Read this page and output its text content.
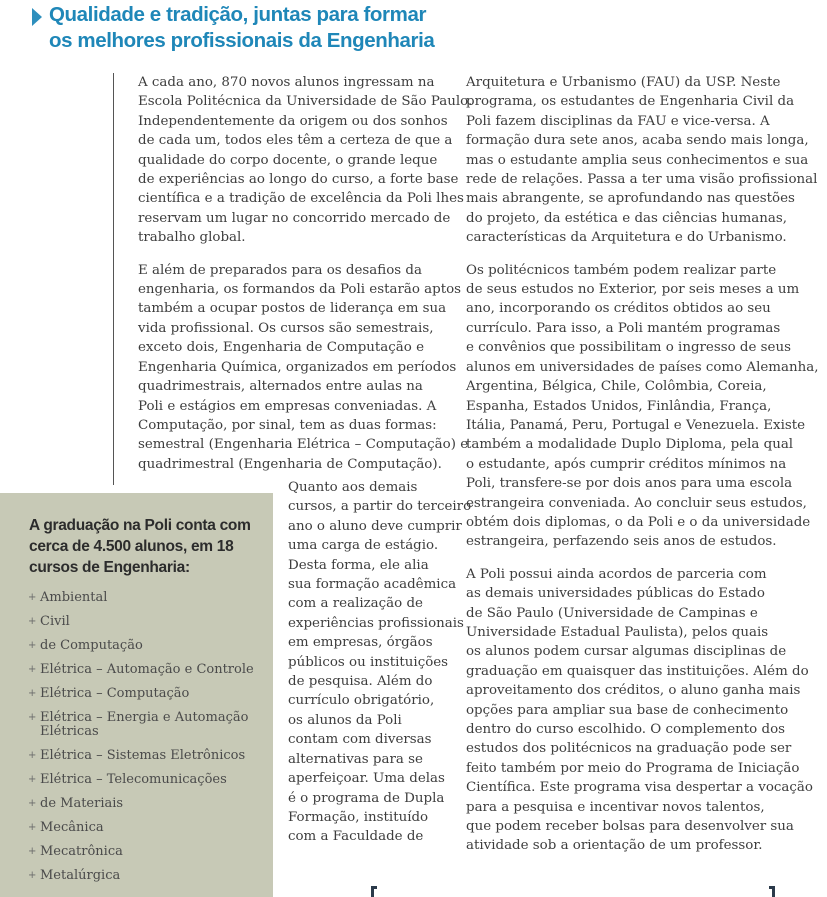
Qualidade e tradição, juntas para formar
os melhores profissionais da Engenharia

A cada ano, 870 novos alunos ingressam na
Escola Politécnica da Universidade de São Paulo.
Independentemente da origem ou dos sonhos
de cada um, todos eles têm a certeza de que a
qualidade do corpo docente, o grande leque
de experiências ao longo do curso, a forte base
científica e a tradição de excelência da Poli lhes
reservam um lugar no concorrido mercado de
trabalho global.

E além de preparados para os desafios da
engenharia, os formandos da Poli estarão aptos
também a ocupar postos de liderança em sua
vida profissional. Os cursos são semestrais,
exceto dois, Engenharia de Computação e
Engenharia Química, organizados em períodos
quadrimestrais, alternados entre aulas na
Poli e estágios em empresas conveniadas. A
Computação, por sinal, tem as duas formas:
semestral (Engenharia Elétrica – Computação) e
quadrimestral (Engenharia de Computação).

A graduação na Poli conta com
cerca de 4.500 alunos, em 18
cursos de Engenharia:
+ Ambiental
+ Civil
+ de Computação
+ Elétrica – Automação e Controle
+ Elétrica – Computação
+ Elétrica – Energia e Automação
Elétricas
+ Elétrica – Sistemas Eletrônicos
+ Elétrica – Telecomunicações
+ de Materiais
+ Mecânica
+ Mecatrônica
+ Metalúrgica

Quanto aos demais
cursos, a partir do terceiro
ano o aluno deve cumprir
uma carga de estágio.
Desta forma, ele alia
sua formação acadêmica
com a realização de
experiências profissionais
em empresas, órgãos
públicos ou instituições
de pesquisa. Além do
currículo obrigatório,
os alunos da Poli
contam com diversas
alternativas para se
aperfeiçoar. Uma delas
é o programa de Dupla
Formação, instituído
com a Faculdade de

Arquitetura e Urbanismo (FAU) da USP. Neste
programa, os estudantes de Engenharia Civil da
Poli fazem disciplinas da FAU e vice-versa. A
formação dura sete anos, acaba sendo mais longa,
mas o estudante amplia seus conhecimentos e sua
rede de relações. Passa a ter uma visão profissional
mais abrangente, se aprofundando nas questões
do projeto, da estética e das ciências humanas,
características da Arquitetura e do Urbanismo.

Os politécnicos também podem realizar parte
de seus estudos no Exterior, por seis meses a um
ano, incorporando os créditos obtidos ao seu
currículo. Para isso, a Poli mantém programas
e convênios que possibilitam o ingresso de seus
alunos em universidades de países como Alemanha,
Argentina, Bélgica, Chile, Colômbia, Coreia,
Espanha, Estados Unidos, Finlândia, França,
Itália, Panamá, Peru, Portugal e Venezuela. Existe
também a modalidade Duplo Diploma, pela qual
o estudante, após cumprir créditos mínimos na
Poli, transfere-se por dois anos para uma escola
estrangeira conveniada. Ao concluir seus estudos,
obtém dois diplomas, o da Poli e o da universidade
estrangeira, perfazendo seis anos de estudos.

A Poli possui ainda acordos de parceria com
as demais universidades públicas do Estado
de São Paulo (Universidade de Campinas e
Universidade Estadual Paulista), pelos quais
os alunos podem cursar algumas disciplinas de
graduação em quaisquer das instituições. Além do
aproveitamento dos créditos, o aluno ganha mais
opções para ampliar sua base de conhecimento
dentro do curso escolhido. O complemento dos
estudos dos politécnicos na graduação pode ser
feito também por meio do Programa de Iniciação
Científica. Este programa visa despertar a vocação
para a pesquisa e incentivar novos talentos,
que podem receber bolsas para desenvolver sua
atividade sob a orientação de um professor.
